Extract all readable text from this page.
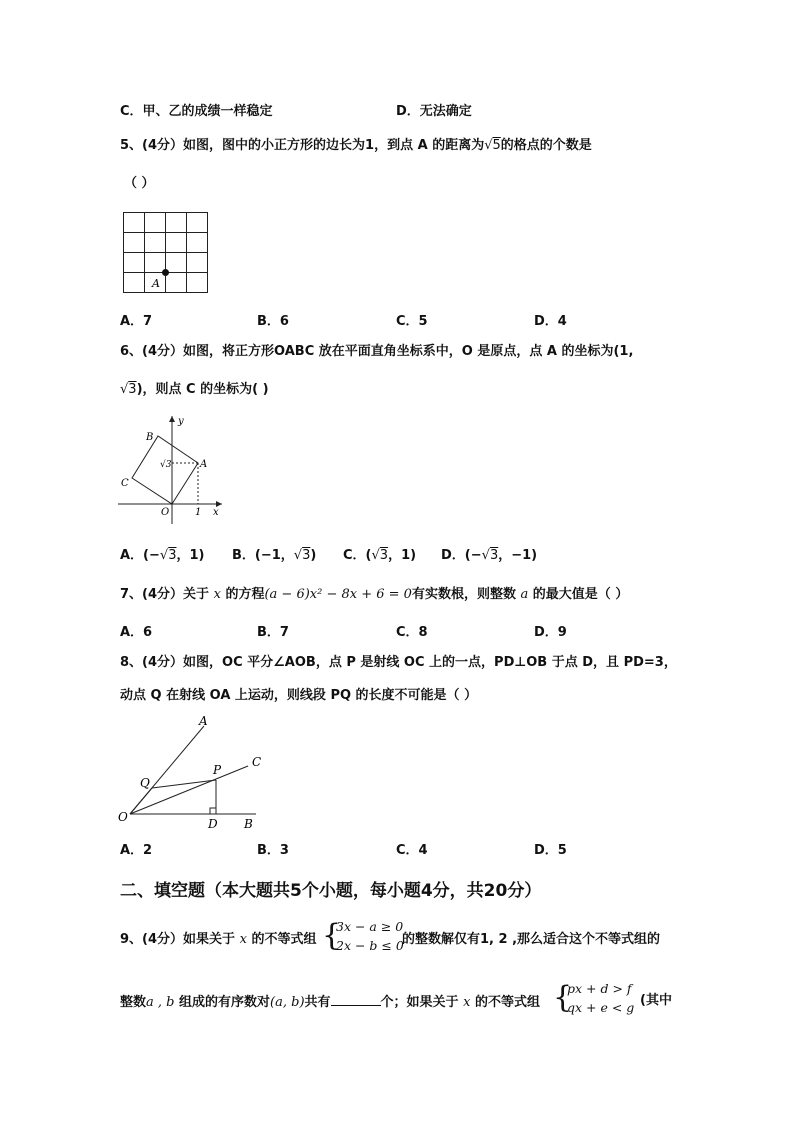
C．甲、乙的成绩一样稳定	D．无法确定
5、(4分）如图，图中的小正方形的边长为1，到点 A 的距离为√5的格点的个数是
（ ）
A
A．7	B．6	C．5	D．4
6、(4分）如图，将正方形OABC 放在平面直角坐标系中，O 是原点，点 A 的坐标为(1,
√3)，则点 C 的坐标为( )
y
B
√3	A
C
O	1 x
A．(−√3，1) B．(−1，√3) C．(√3，1) D．(−√3，−1)
7、(4分）关于 x 的方程(a − 6)x² − 8x + 6 = 0有实数根，则整数 a 的最大值是（ ）
A．6	B．7	C．8	D．9
8、(4分）如图，OC 平分∠AOB，点 P 是射线 OC 上的一点，PD⊥OB 于点 D，且 PD=3，
动点 Q 在射线 OA 上运动，则线段 PQ 的长度不可能是（ ）
A
C
P
Q
O	D B
A．2	B．3	C．4	D．5
二、填空题（本大题共5个小题，每小题4分，共20分）
9、(4分）如果关于 x 的不等式组 {
3x − a ≥ 0
2x − b ≤ 0
的整数解仅有1, 2 ,那么适合这个不等式组的
整数a , b 组成的有序数对(a, b)共有	个；如果关于 x 的不等式组 {
px + d > f
qx + e < g (其中
